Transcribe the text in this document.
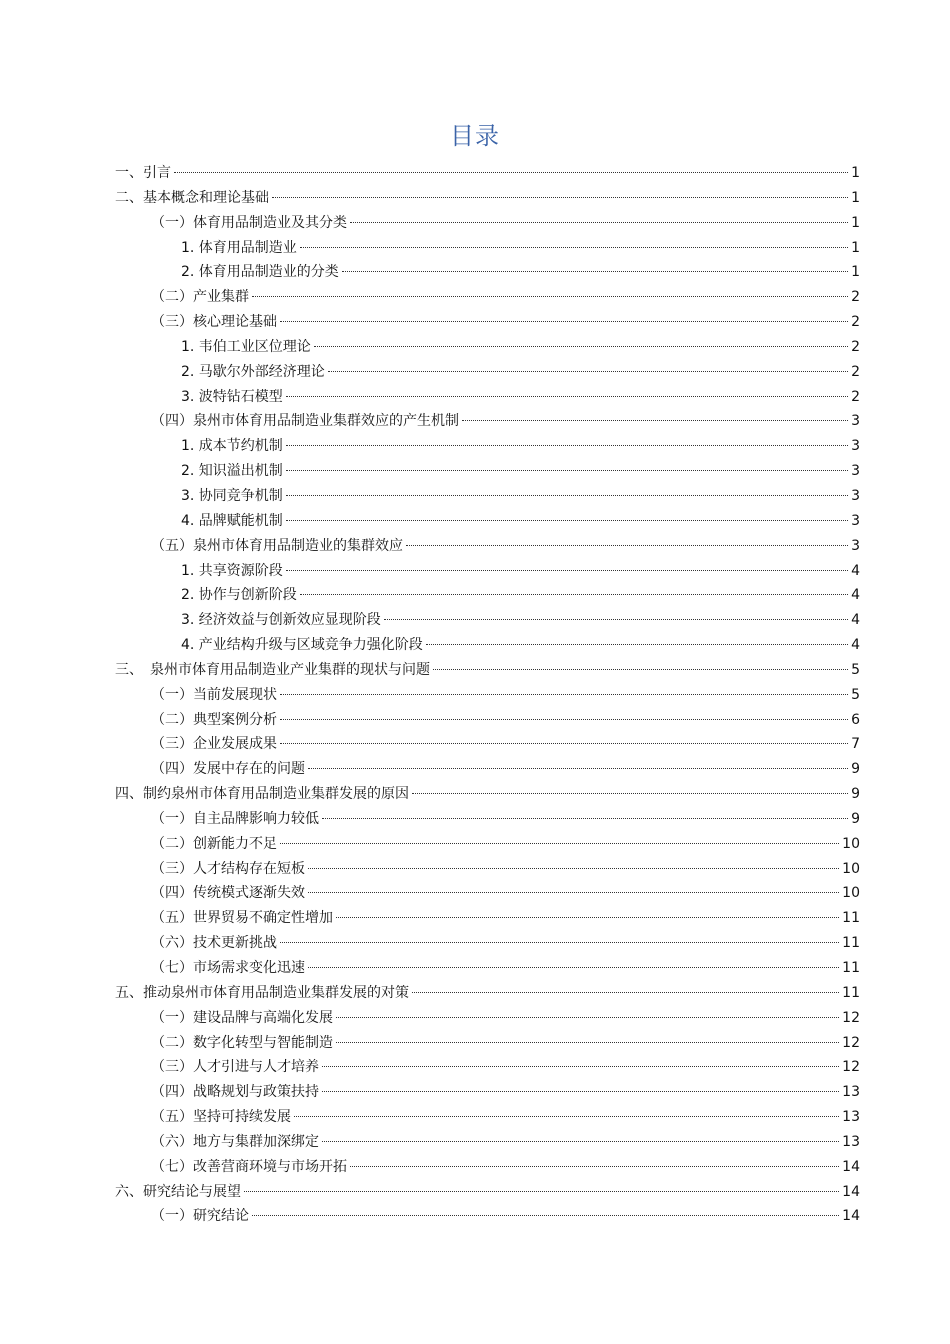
目录
一、引言	1
二、基本概念和理论基础	1
（一）体育用品制造业及其分类	1
1. 体育用品制造业	1
2. 体育用品制造业的分类	1
（二）产业集群	2
（三）核心理论基础	2
1. 韦伯工业区位理论	2
2. 马歇尔外部经济理论	2
3. 波特钻石模型	2
（四）泉州市体育用品制造业集群效应的产生机制	3
1. 成本节约机制	3
2. 知识溢出机制	3
3. 协同竞争机制	3
4. 品牌赋能机制	3
（五）泉州市体育用品制造业的集群效应	3
1. 共享资源阶段	4
2. 协作与创新阶段	4
3. 经济效益与创新效应显现阶段	4
4. 产业结构升级与区域竞争力强化阶段	4
三、　泉州市体育用品制造业产业集群的现状与问题	5
（一）当前发展现状	5
（二）典型案例分析	6
（三）企业发展成果	7
（四）发展中存在的问题	9
四、制约泉州市体育用品制造业集群发展的原因	9
（一）自主品牌影响力较低	9
（二）创新能力不足	10
（三）人才结构存在短板	10
（四）传统模式逐渐失效	10
（五）世界贸易不确定性增加	11
（六）技术更新挑战	11
（七）市场需求变化迅速	11
五、推动泉州市体育用品制造业集群发展的对策	11
（一）建设品牌与高端化发展	12
（二）数字化转型与智能制造	12
（三）人才引进与人才培养	12
（四）战略规划与政策扶持	13
（五）坚持可持续发展	13
（六）地方与集群加深绑定	13
（七）改善营商环境与市场开拓	14
六、研究结论与展望	14
（一）研究结论	14
